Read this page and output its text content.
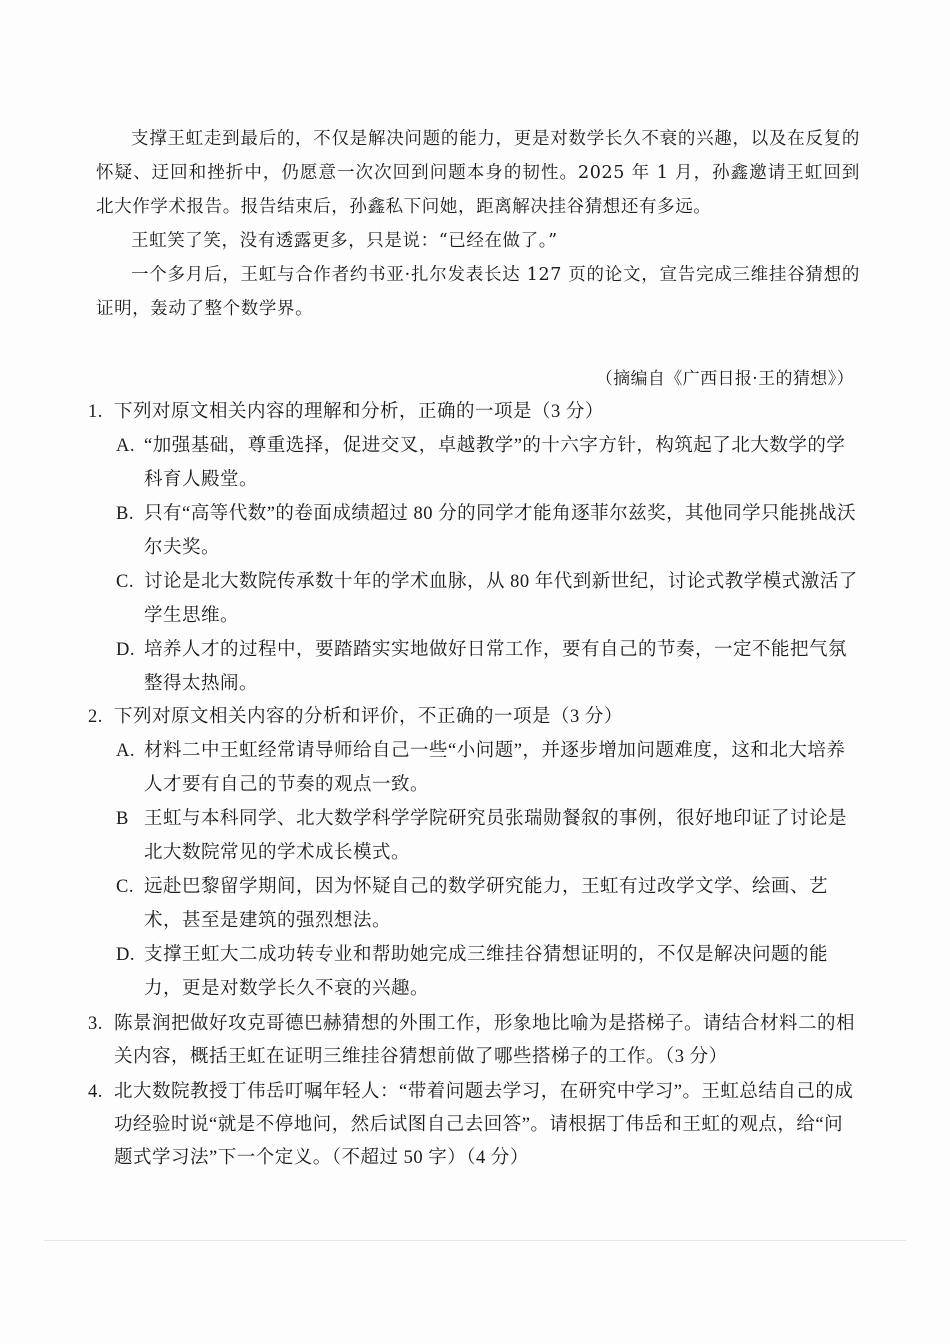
支撑王虹走到最后的，不仅是解决问题的能力，更是对数学长久不衰的兴趣，以及在反复的怀疑、迂回和挫折中，仍愿意一次次回到问题本身的韧性。2025 年 1 月，孙鑫邀请王虹回到北大作学术报告。报告结束后，孙鑫私下问她，距离解决挂谷猜想还有多远。

王虹笑了笑，没有透露更多，只是说：“已经在做了。”

一个多月后，王虹与合作者约书亚·扎尔发表长达 127 页的论文，宣告完成三维挂谷猜想的证明，轰动了整个数学界。

（摘编自《广西日报·王的猜想》）
1. 下列对原文相关内容的理解和分析，正确的一项是（3 分）
A. “加强基础，尊重选择，促进交叉，卓越教学”的十六字方针，构筑起了北大数学的学科育人殿堂。
B. 只有“高等代数”的卷面成绩超过 80 分的同学才能角逐菲尔兹奖，其他同学只能挑战沃尔夫奖。
C. 讨论是北大数院传承数十年的学术血脉，从 80 年代到新世纪，讨论式教学模式激活了学生思维。
D. 培养人才的过程中，要踏踏实实地做好日常工作，要有自己的节奏，一定不能把气氛整得太热闹。
2. 下列对原文相关内容的分析和评价，不正确的一项是（3 分）
A. 材料二中王虹经常请导师给自己一些“小问题”，并逐步增加问题难度，这和北大培养人才要有自己的节奏的观点一致。
B 王虹与本科同学、北大数学科学学院研究员张瑞勋餐叙的事例，很好地印证了讨论是北大数院常见的学术成长模式。
C. 远赴巴黎留学期间，因为怀疑自己的数学研究能力，王虹有过改学文学、绘画、艺术，甚至是建筑的强烈想法。
D. 支撑王虹大二成功转专业和帮助她完成三维挂谷猜想证明的，不仅是解决问题的能力，更是对数学长久不衰的兴趣。
3. 陈景润把做好攻克哥德巴赫猜想的外围工作，形象地比喻为是搭梯子。请结合材料二的相关内容，概括王虹在证明三维挂谷猜想前做了哪些搭梯子的工作。（3 分）
4. 北大数院教授丁伟岳叮嘱年轻人：“带着问题去学习，在研究中学习”。王虹总结自己的成功经验时说“就是不停地问，然后试图自己去回答”。请根据丁伟岳和王虹的观点，给“问题式学习法”下一个定义。（不超过 50 字）（4 分）
